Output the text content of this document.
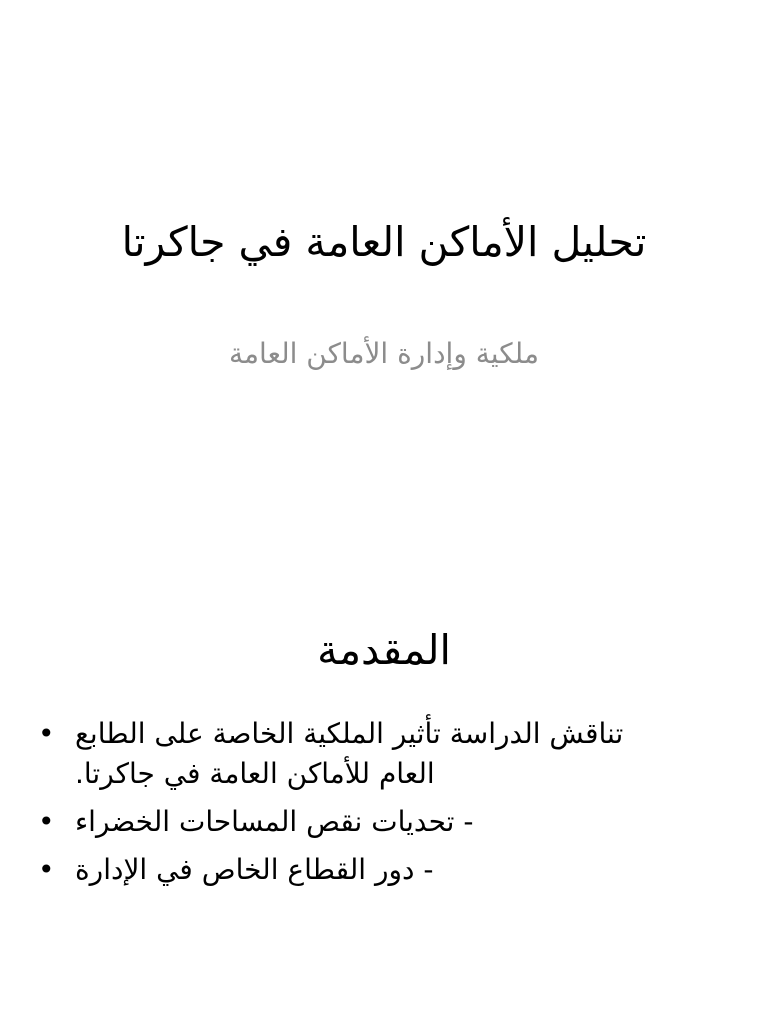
تحليل الأماكن العامة في جاكرتا
ملكية وإدارة الأماكن العامة
المقدمة
• تناقش الدراسة تأثير الملكية الخاصة على الطابع العام للأماكن العامة في جاكرتا.
• - تحديات نقص المساحات الخضراء
• - دور القطاع الخاص في الإدارة
